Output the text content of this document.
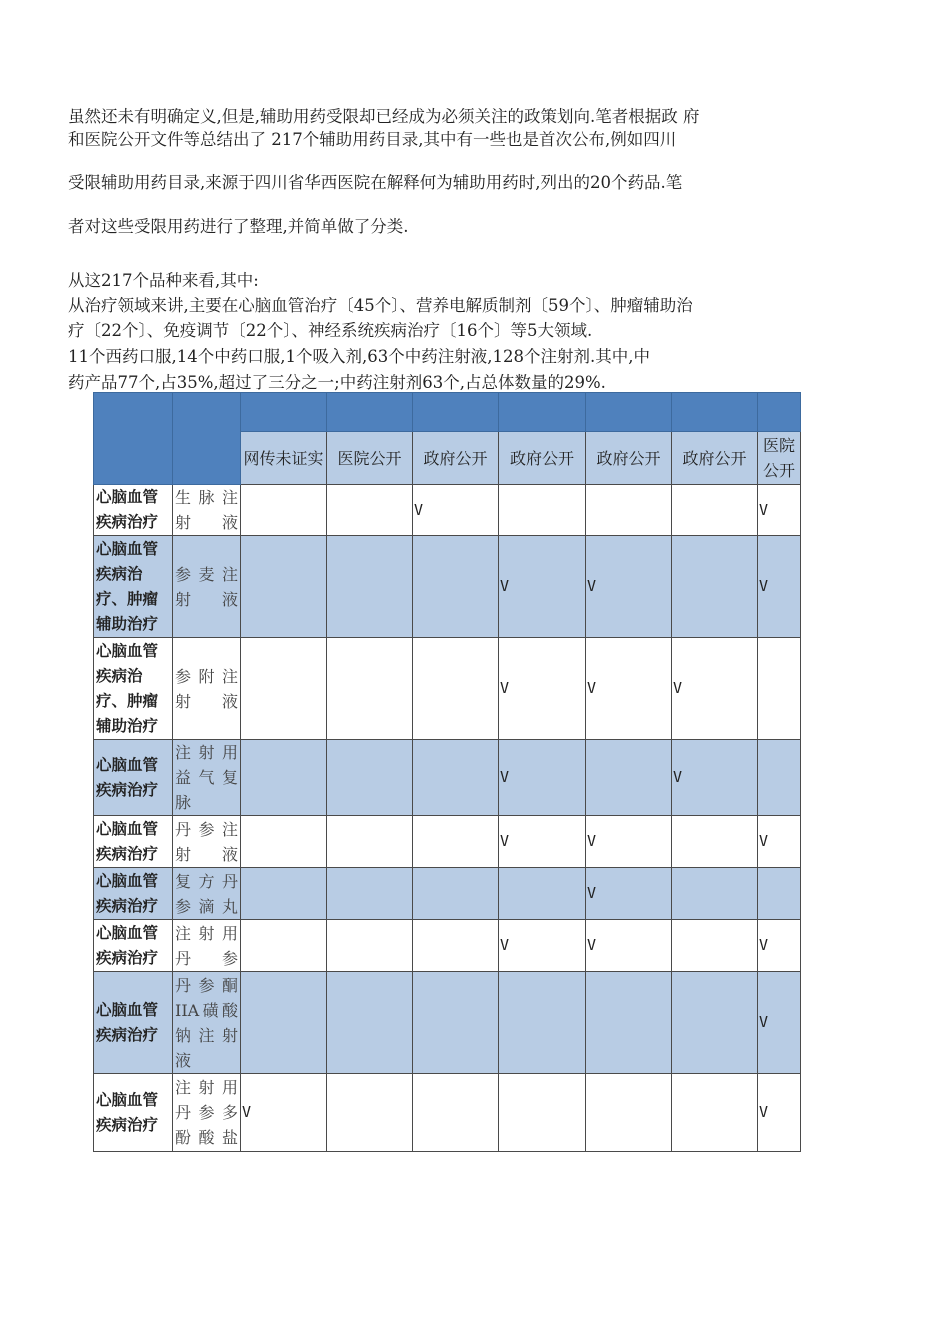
虽然还未有明确定义,但是,辅助用药受限却已经成为必须关注的政策划向.笔者根据政 府
和医院公开文件等总结出了 217个辅助用药目录,其中有一些也是首次公布,例如四川
受限辅助用药目录,来源于四川省华西医院在解释何为辅助用药时,列出的20个药品.笔
者对这些受限用药进行了整理,并简单做了分类.
从这217个品种来看,其中:
从治疗领域来讲,主要在心脑血管治疗〔45个〕、营养电解质制剂〔59个〕、肿瘤辅助治
疗〔22个〕、免疫调节〔22个〕、神经系统疾病治疗〔16个〕等5大领域.
11个西药口服,14个中药口服,1个吸入剂,63个中药注射液,128个注射剂.其中,中
药产品77个,占35%,超过了三分之一;中药注射剂63个,占总体数量的29%.

		网传未证实	医院公开	政府公开	政府公开	政府公开	政府公开	医院公开
心脑血管疾病治疗	生脉注射液			V				V
心脑血管疾病治疗、肿瘤辅助治疗	参麦注射液				V	V		V
心脑血管疾病治疗、肿瘤辅助治疗	参附注射液				V	V	V	
心脑血管疾病治疗	注射用益气复脉				V		V	
心脑血管疾病治疗	丹参注射液				V	V		V
心脑血管疾病治疗	复方丹参滴丸					V		
心脑血管疾病治疗	注射用丹参				V	V		V
心脑血管疾病治疗	丹参酮IIA磺酸钠注射液							V
心脑血管疾病治疗	注射用丹参多酚酸盐	V						V
